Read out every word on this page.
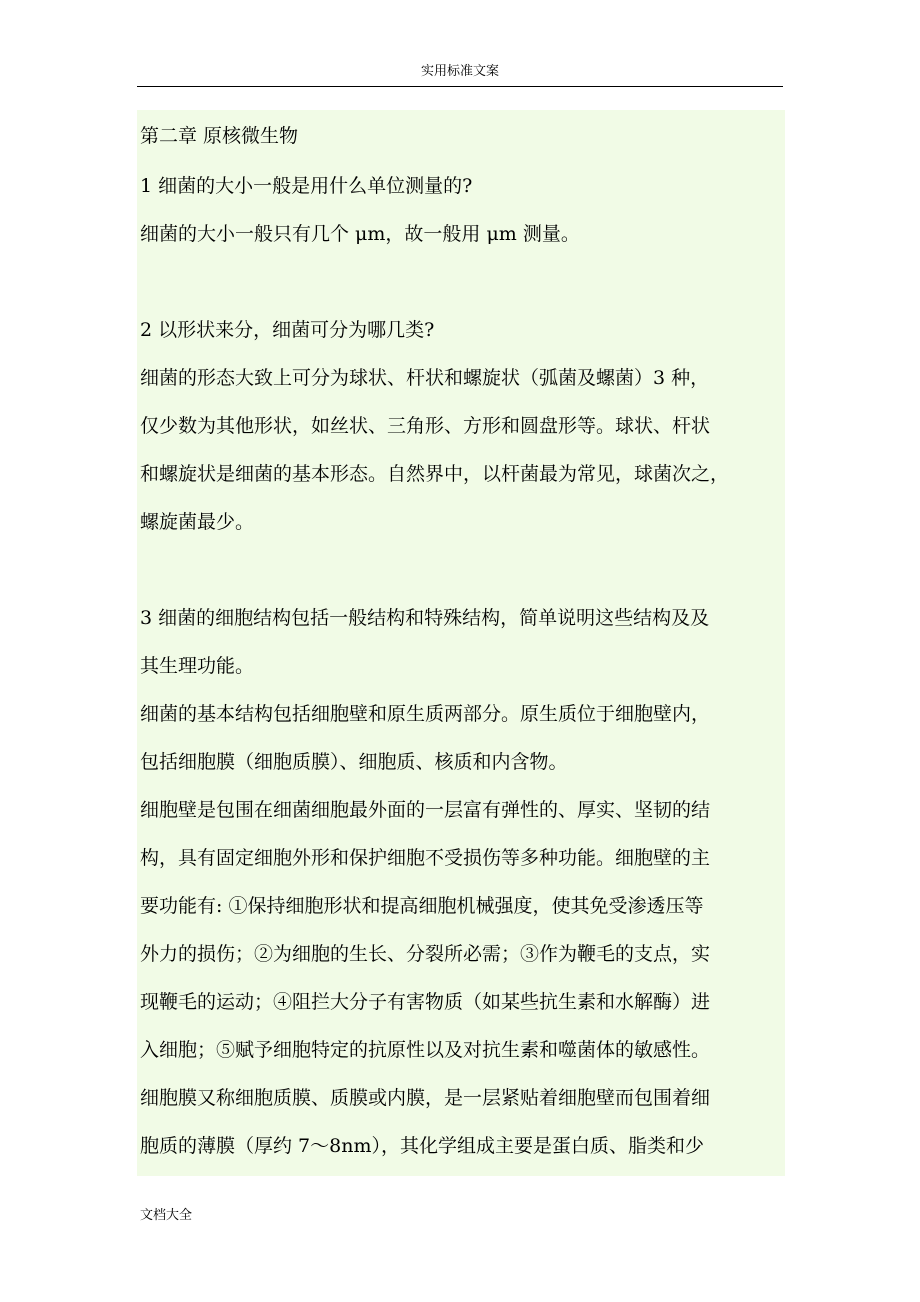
实用标准文案
第二章 原核微生物
1 细菌的大小一般是用什么单位测量的?
细菌的大小一般只有几个 μm，故一般用 μm 测量。
2 以形状来分，细菌可分为哪几类?
细菌的形态大致上可分为球状、杆状和螺旋状（弧菌及螺菌）3 种，
仅少数为其他形状，如丝状、三角形、方形和圆盘形等。球状、杆状
和螺旋状是细菌的基本形态。自然界中，以杆菌最为常见，球菌次之，
螺旋菌最少。
3 细菌的细胞结构包括一般结构和特殊结构，简单说明这些结构及及
其生理功能。
细菌的基本结构包括细胞壁和原生质两部分。原生质位于细胞壁内，
包括细胞膜（细胞质膜）、细胞质、核质和内含物。
细胞壁是包围在细菌细胞最外面的一层富有弹性的、厚实、坚韧的结
构，具有固定细胞外形和保护细胞不受损伤等多种功能。细胞壁的主
要功能有: ①保持细胞形状和提高细胞机械强度，使其免受渗透压等
外力的损伤；②为细胞的生长、分裂所必需；③作为鞭毛的支点，实
现鞭毛的运动；④阻拦大分子有害物质（如某些抗生素和水解酶）进
入细胞；⑤赋予细胞特定的抗原性以及对抗生素和噬菌体的敏感性。
细胞膜又称细胞质膜、质膜或内膜，是一层紧贴着细胞壁而包围着细
胞质的薄膜（厚约 7～8nm），其化学组成主要是蛋白质、脂类和少
文档大全
